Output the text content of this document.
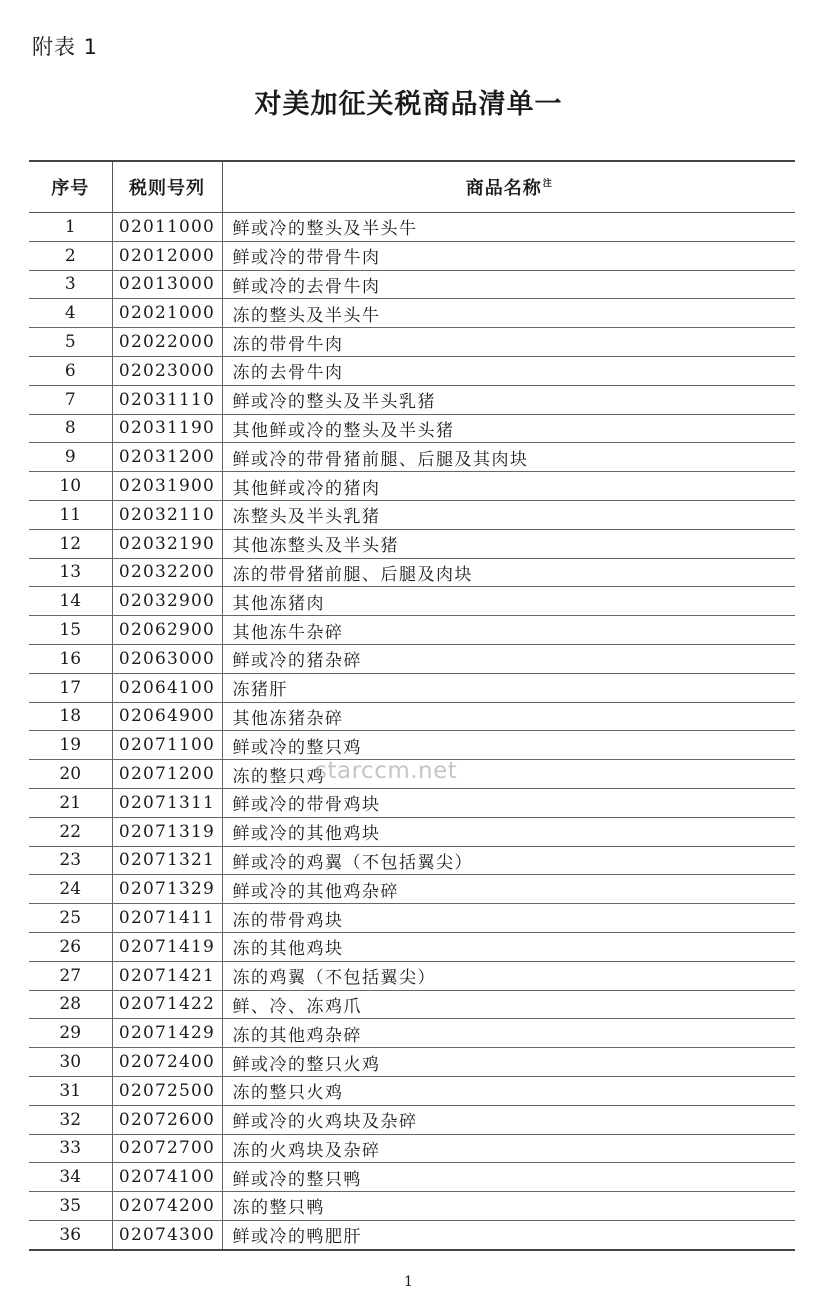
附表 1
对美加征关税商品清单一
序号	税则号列	商品名称$^注$
1	02011000	鲜或冷的整头及半头牛
2	02012000	鲜或冷的带骨牛肉
3	02013000	鲜或冷的去骨牛肉
4	02021000	冻的整头及半头牛
5	02022000	冻的带骨牛肉
6	02023000	冻的去骨牛肉
7	02031110	鲜或冷的整头及半头乳猪
8	02031190	其他鲜或冷的整头及半头猪
9	02031200	鲜或冷的带骨猪前腿、后腿及其肉块
10	02031900	其他鲜或冷的猪肉
11	02032110	冻整头及半头乳猪
12	02032190	其他冻整头及半头猪
13	02032200	冻的带骨猪前腿、后腿及肉块
14	02032900	其他冻猪肉
15	02062900	其他冻牛杂碎
16	02063000	鲜或冷的猪杂碎
17	02064100	冻猪肝
18	02064900	其他冻猪杂碎
19	02071100	鲜或冷的整只鸡
20	02071200	冻的整只鸡
21	02071311	鲜或冷的带骨鸡块
22	02071319	鲜或冷的其他鸡块
23	02071321	鲜或冷的鸡翼（不包括翼尖）
24	02071329	鲜或冷的其他鸡杂碎
25	02071411	冻的带骨鸡块
26	02071419	冻的其他鸡块
27	02071421	冻的鸡翼（不包括翼尖）
28	02071422	鲜、冷、冻鸡爪
29	02071429	冻的其他鸡杂碎
30	02072400	鲜或冷的整只火鸡
31	02072500	冻的整只火鸡
32	02072600	鲜或冷的火鸡块及杂碎
33	02072700	冻的火鸡块及杂碎
34	02074100	鲜或冷的整只鸭
35	02074200	冻的整只鸭
36	02074300	鲜或冷的鸭肥肝
starccm.net
1
